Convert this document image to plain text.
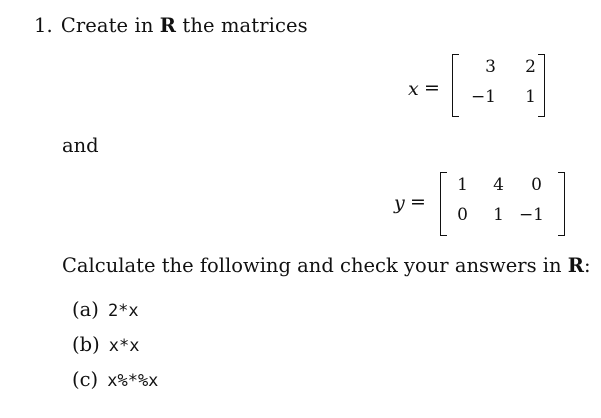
1. Create in R the matrices
x =
3	2
−1	1
and
y =
1	4	0
0	1 −1
Calculate the following and check your answers in R:
(a) 2*x
(b) x*x
(c) x%*%x
